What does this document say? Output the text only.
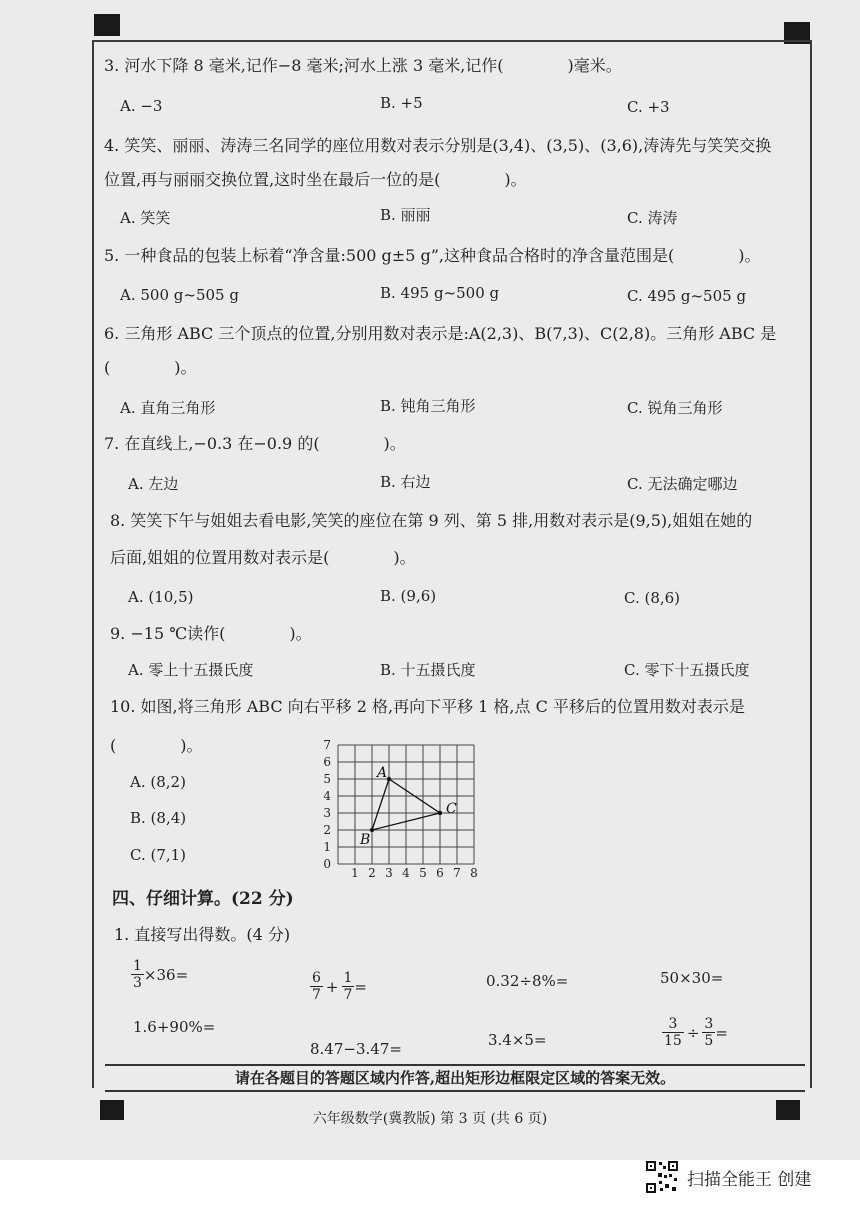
3. 河水下降 8 毫米,记作−8 毫米;河水上涨 3 毫米,记作(　　　　)毫米。
A. −3	B. +5	C. +3
4. 笑笑、丽丽、涛涛三名同学的座位用数对表示分别是(3,4)、(3,5)、(3,6),涛涛先与笑笑交换
位置,再与丽丽交换位置,这时坐在最后一位的是(　　　　)。
A. 笑笑	B. 丽丽	C. 涛涛
5. 一种食品的包装上标着“净含量:500 g±5 g”,这种食品合格时的净含量范围是(　　　　)。
A. 500 g~505 g	B. 495 g~500 g	C. 495 g~505 g
6. 三角形 ABC 三个顶点的位置,分别用数对表示是:A(2,3)、B(7,3)、C(2,8)。三角形 ABC 是
(　　　　)。
A. 直角三角形	B. 钝角三角形	C. 锐角三角形
7. 在直线上,−0.3 在−0.9 的(　　　　)。
A. 左边	B. 右边	C. 无法确定哪边
8. 笑笑下午与姐姐去看电影,笑笑的座位在第 9 列、第 5 排,用数对表示是(9,5),姐姐在她的
后面,姐姐的位置用数对表示是(　　　　)。
A. (10,5)	B. (9,6)	C. (8,6)
9. −15 ℃读作(　　　　)。
A. 零上十五摄氏度	B. 十五摄氏度	C. 零下十五摄氏度
10. 如图,将三角形 ABC 向右平移 2 格,再向下平移 1 格,点 C 平移后的位置用数对表示是
(　　　　)。
A. (8,2)
B. (8,4)
C. (7,1)
1 2 3 4 5 6 7 8
0
1
2
3
4
5
6
7
A
B
C
四、仔细计算。(22 分)
1. 直接写出得数。(4 分)
$\frac{1}{3} \times 36=$	$\frac{6}{7} + \frac{1}{7}$ =	0.32÷8%=	50×30=
1.6+90%=
8.47−3.47=	3.4×5=	$\frac{3}{15} \div \frac{3}{5}$ =
请在各题目的答题区域内作答,超出矩形边框限定区域的答案无效。
六年级数学(冀教版) 第 3 页 (共 6 页)
扫描全能王 创建
